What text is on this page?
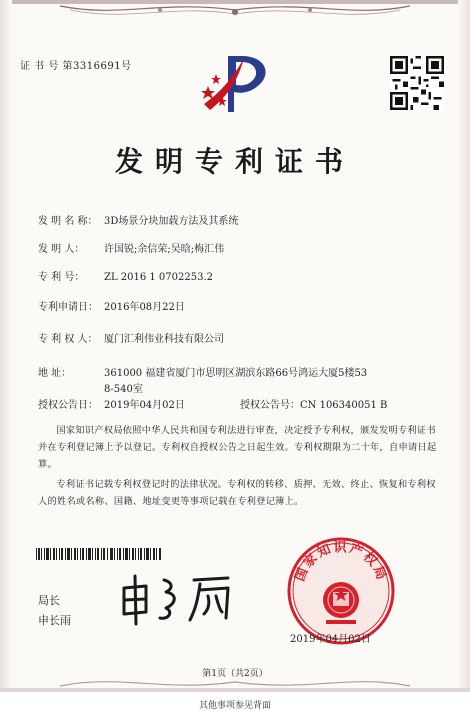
证 书 号 第3316691号
发明专利证书
发 明 名 称： 3D场景分块加载方法及其系统
发 明 人： 许国锐;余信荣;吴晗;梅汇伟
专 利 号： ZL 2016 1 0702253.2
专利申请日： 2016年08月22日
专 利 权 人： 厦门汇利伟业科技有限公司
地 址：	361000 福建省厦门市思明区湖滨东路66号鸿运大厦5楼53
8-540室
授权公告日： 2019年04月02日	授权公告号：CN 106340051 B
国家知识产权局依照中华人民共和国专利法进行审查，决定授予专利权，颁发发明专利证书并在专利登记簿上予以登记。专利权自授权公告之日起生效。专利权期限为二十年，自申请日起算。
专利证书记载专利权登记时的法律状况。专利权的转移、质押、无效、终止、恢复和专利权人的姓名或名称、国籍、地址变更等事项记载在专利登记簿上。
局长
申长雨
国家知识产权局
2019年04月02日
第1页（共2页）
其他事项参见背面
